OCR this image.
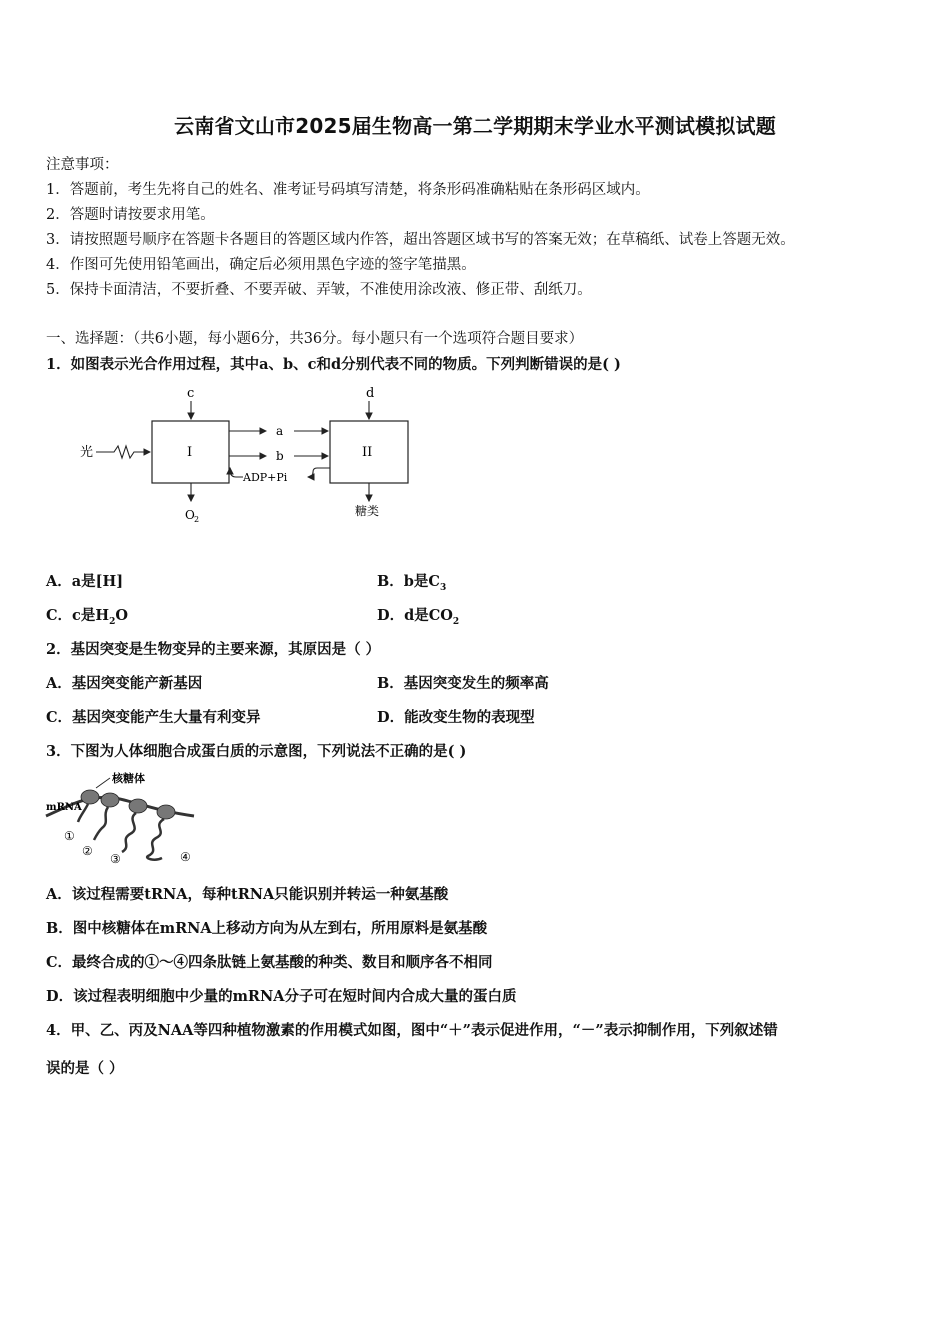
云南省文山市2025届生物高一第二学期期末学业水平测试模拟试题
注意事项：
1．答题前，考生先将自己的姓名、准考证号码填写清楚，将条形码准确粘贴在条形码区域内。
2．答题时请按要求用笔。
3．请按照题号顺序在答题卡各题目的答题区域内作答，超出答题区域书写的答案无效；在草稿纸、试卷上答题无效。
4．作图可先使用铅笔画出，确定后必须用黑色字迹的签字笔描黑。
5．保持卡面清洁，不要折叠、不要弄破、弄皱，不准使用涂改液、修正带、刮纸刀。
一、选择题：（共6小题，每小题6分，共36分。每小题只有一个选项符合题目要求）
1．如图表示光合作用过程，其中a、b、c和d分别代表不同的物质。下列判断错误的是( )
光	I
c
O 2
II
d
糖类
a
b
ADP+Pi
A．a是[H]	B．b是$C_3$
C．c是$H_2O$	D．d是$CO_2$
2．基因突变是生物变异的主要来源，其原因是（ ）
A．基因突变能产新基因	B．基因突变发生的频率高
C．基因突变能产生大量有利变异	D．能改变生物的表现型
3．下图为人体细胞合成蛋白质的示意图，下列说法不正确的是( )
mRNA
核糖体
①
②
③	④
A．该过程需要tRNA，每种tRNA只能识别并转运一种氨基酸
B．图中核糖体在mRNA上移动方向为从左到右，所用原料是氨基酸
C．最终合成的①～④四条肽链上氨基酸的种类、数目和顺序各不相同
D．该过程表明细胞中少量的mRNA分子可在短时间内合成大量的蛋白质
4．甲、乙、丙及NAA等四种植物激素的作用模式如图，图中“＋”表示促进作用，“－”表示抑制作用，下列叙述错
误的是（ ）
